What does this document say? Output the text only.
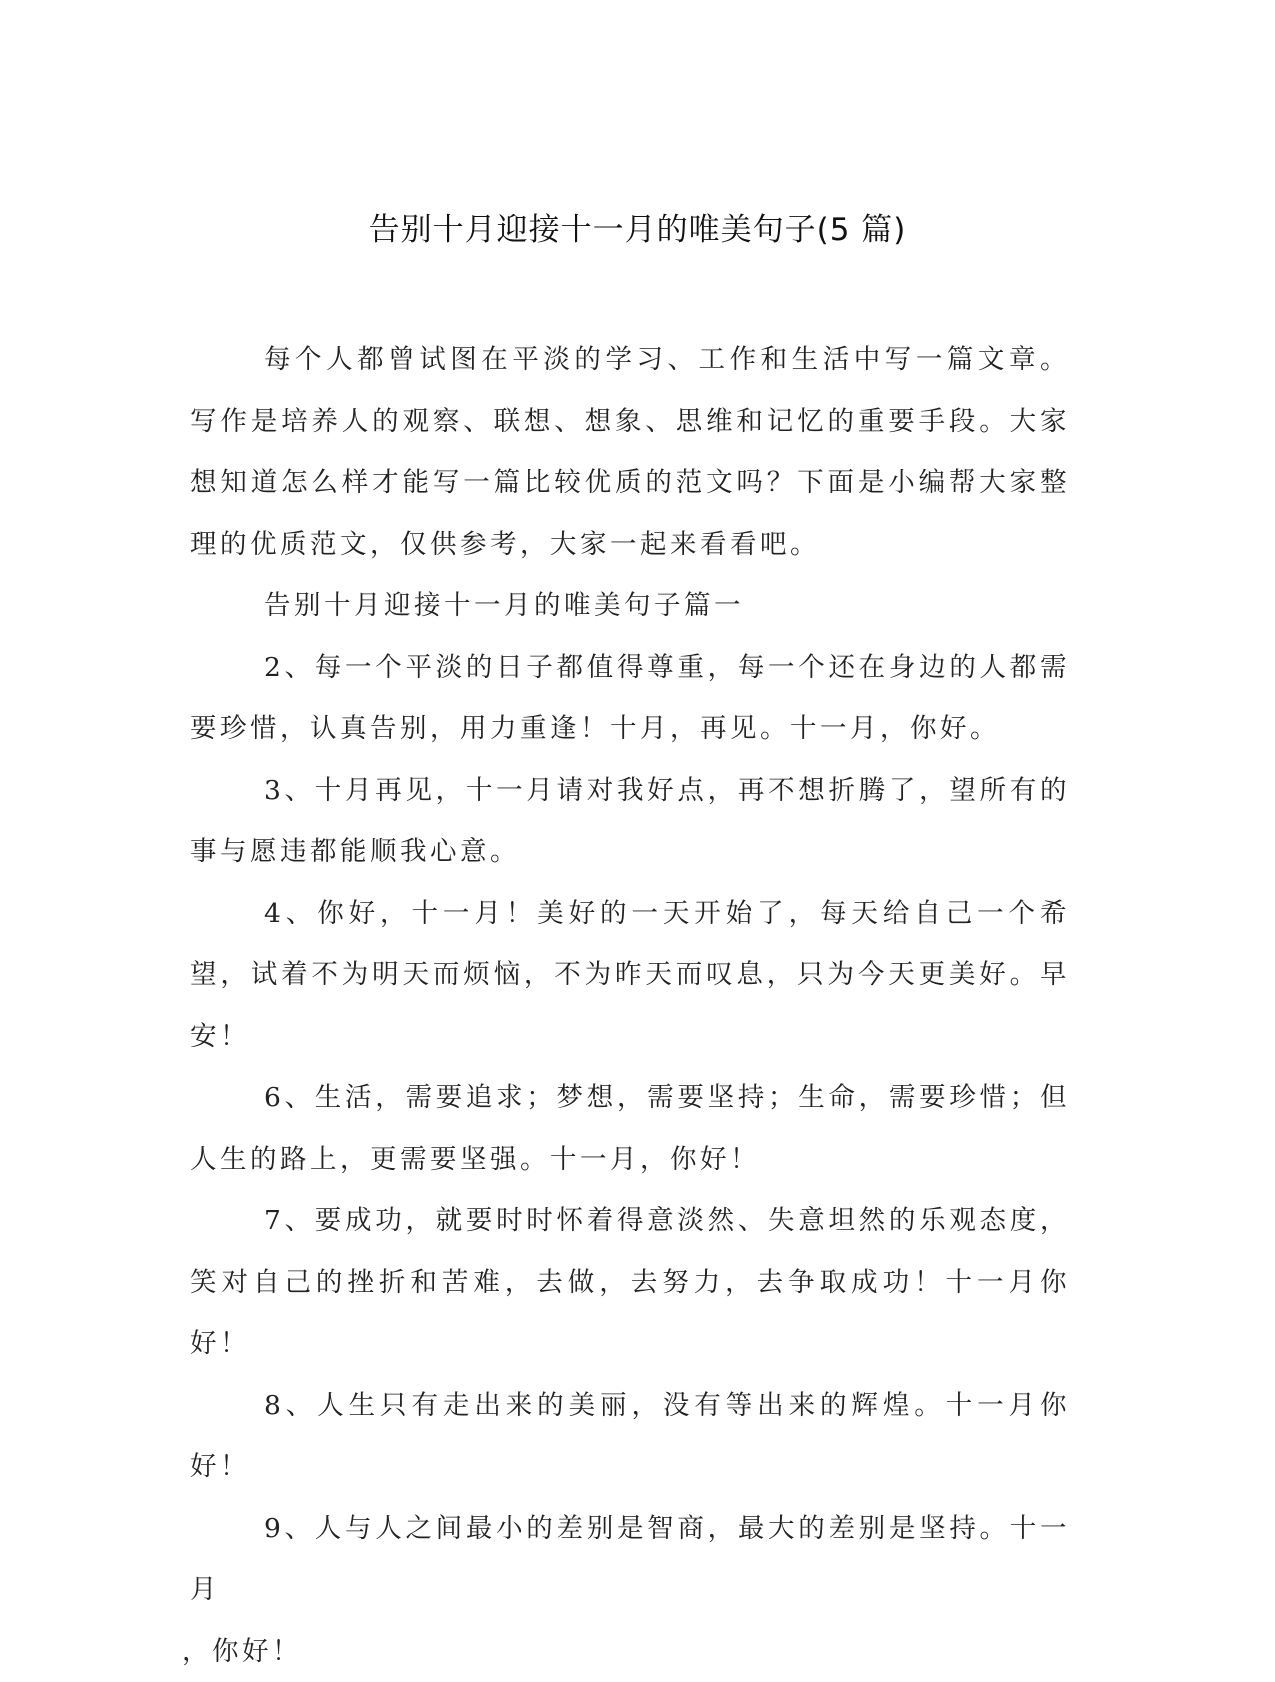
告别十月迎接十一月的唯美句子(5 篇)

每个人都曾试图在平淡的学习、工作和生活中写一篇文章。写作是培养人的观察、联想、想象、思维和记忆的重要手段。大家想知道怎么样才能写一篇比较优质的范文吗？下面是小编帮大家整理的优质范文，仅供参考，大家一起来看看吧。

告别十月迎接十一月的唯美句子篇一

2、每一个平淡的日子都值得尊重，每一个还在身边的人都需要珍惜，认真告别，用力重逢！十月，再见。十一月，你好。

3、十月再见，十一月请对我好点，再不想折腾了，望所有的事与愿违都能顺我心意。

4、你好，十一月！美好的一天开始了，每天给自己一个希望，试着不为明天而烦恼，不为昨天而叹息，只为今天更美好。早安！

6、生活，需要追求；梦想，需要坚持；生命，需要珍惜；但人生的路上，更需要坚强。十一月，你好！

7、要成功，就要时时怀着得意淡然、失意坦然的乐观态度，笑对自己的挫折和苦难，去做，去努力，去争取成功！十一月你好！

8、人生只有走出来的美丽，没有等出来的辉煌。十一月你好！

9、人与人之间最小的差别是智商，最大的差别是坚持。十一月

，你好！
